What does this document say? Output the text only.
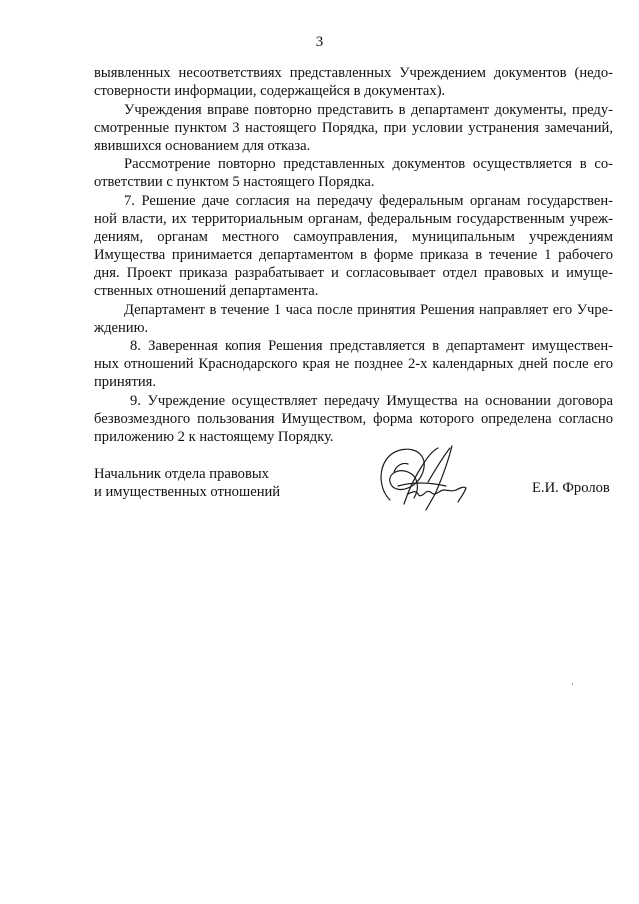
3
выявленных несоответствиях представленных Учреждением документов (недо-
стоверности информации, содержащейся в документах).
Учреждения вправе повторно представить в департамент документы, преду-
смотренные пунктом 3 настоящего Порядка, при условии устранения замечаний,
явившихся основанием для отказа.
Рассмотрение повторно представленных документов осуществляется в со-
ответствии с пунктом 5 настоящего Порядка.
7. Решение даче согласия на передачу федеральным органам государствен-
ной власти, их территориальным органам, федеральным государственным учреж-
дениям, органам местного самоуправления, муниципальным учреждениям
Имущества принимается департаментом в форме приказа в течение 1 рабочего
дня. Проект приказа разрабатывает и согласовывает отдел правовых и имуще-
ственных отношений департамента.
Департамент в течение 1 часа после принятия Решения направляет его Учре-
ждению.
8. Заверенная копия Решения представляется в департамент имуществен-
ных отношений Краснодарского края не позднее 2-х календарных дней после его
принятия.
9. Учреждение осуществляет передачу Имущества на основании договора
безвозмездного пользования Имуществом, форма которого определена согласно
приложению 2 к настоящему Порядку.
Начальник отдела правовых
и имущественных отношений	Е.И. Фролов
